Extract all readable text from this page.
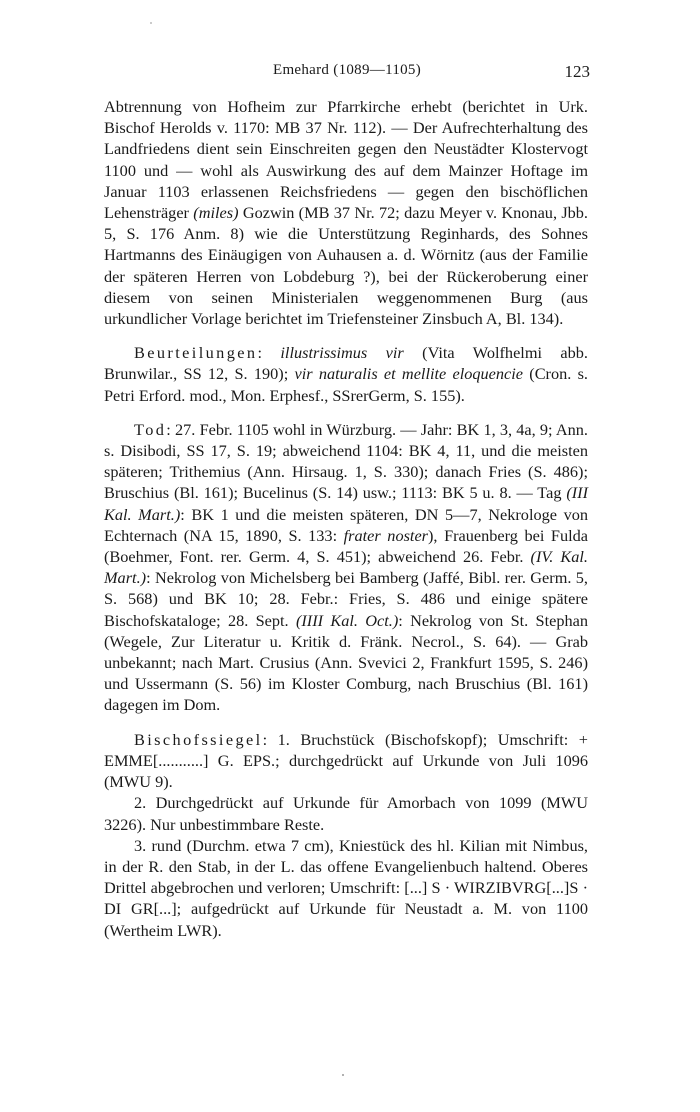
Emehard (1089—1105)	123

Abtrennung von Hofheim zur Pfarrkirche erhebt (berichtet in Urk. Bischof Herolds v. 1170: MB 37 Nr. 112). — Der Aufrechterhaltung des Landfriedens dient sein Einschreiten gegen den Neustädter Klostervogt 1100 und — wohl als Auswirkung des auf dem Mainzer Hoftage im Januar 1103 erlassenen Reichsfriedens — gegen den bischöflichen Lehensträger (miles) Gozwin (MB 37 Nr. 72; dazu Meyer v. Knonau, Jbb. 5, S. 176 Anm. 8) wie die Unterstützung Reginhards, des Sohnes Hartmanns des Einäugigen von Auhausen a. d. Wörnitz (aus der Familie der späteren Herren von Lobdeburg ?), bei der Rückeroberung einer diesem von seinen Ministerialen weggenommenen Burg (aus urkundlicher Vorlage berichtet im Triefensteiner Zinsbuch A, Bl. 134).

Beurteilungen: illustrissimus vir (Vita Wolfhelmi abb. Brunwilar., SS 12, S. 190); vir naturalis et mellite eloquencie (Cron. s. Petri Erford. mod., Mon. Erphesf., SSrerGerm, S. 155).

Tod: 27. Febr. 1105 wohl in Würzburg. — Jahr: BK 1, 3, 4a, 9; Ann. s. Disibodi, SS 17, S. 19; abweichend 1104: BK 4, 11, und die meisten späteren; Trithemius (Ann. Hirsaug. 1, S. 330); danach Fries (S. 486); Bruschius (Bl. 161); Bucelinus (S. 14) usw.; 1113: BK 5 u. 8. — Tag (III Kal. Mart.): BK 1 und die meisten späteren, DN 5—7, Nekrologe von Echternach (NA 15, 1890, S. 133: frater noster), Frauenberg bei Fulda (Boehmer, Font. rer. Germ. 4, S. 451); abweichend 26. Febr. (IV. Kal. Mart.): Nekrolog von Michelsberg bei Bamberg (Jaffé, Bibl. rer. Germ. 5, S. 568) und BK 10; 28. Febr.: Fries, S. 486 und einige spätere Bischofskataloge; 28. Sept. (IIII Kal. Oct.): Nekrolog von St. Stephan (Wegele, Zur Literatur u. Kritik d. Fränk. Necrol., S. 64). — Grab unbekannt; nach Mart. Crusius (Ann. Svevici 2, Frankfurt 1595, S. 246) und Ussermann (S. 56) im Kloster Comburg, nach Bruschius (Bl. 161) dagegen im Dom.

Bischofssiegel: 1. Bruchstück (Bischofskopf); Umschrift: + EMME[...........] G. EPS.; durchgedrückt auf Urkunde von Juli 1096 (MWU 9).

2. Durchgedrückt auf Urkunde für Amorbach von 1099 (MWU 3226). Nur unbestimmbare Reste.

3. rund (Durchm. etwa 7 cm), Kniestück des hl. Kilian mit Nimbus, in der R. den Stab, in der L. das offene Evangelienbuch haltend. Oberes Drittel abgebrochen und verloren; Umschrift: [...] S · WIRZIBVRG[...]S · DI GR[...]; aufgedrückt auf Urkunde für Neustadt a. M. von 1100 (Wertheim LWR).
